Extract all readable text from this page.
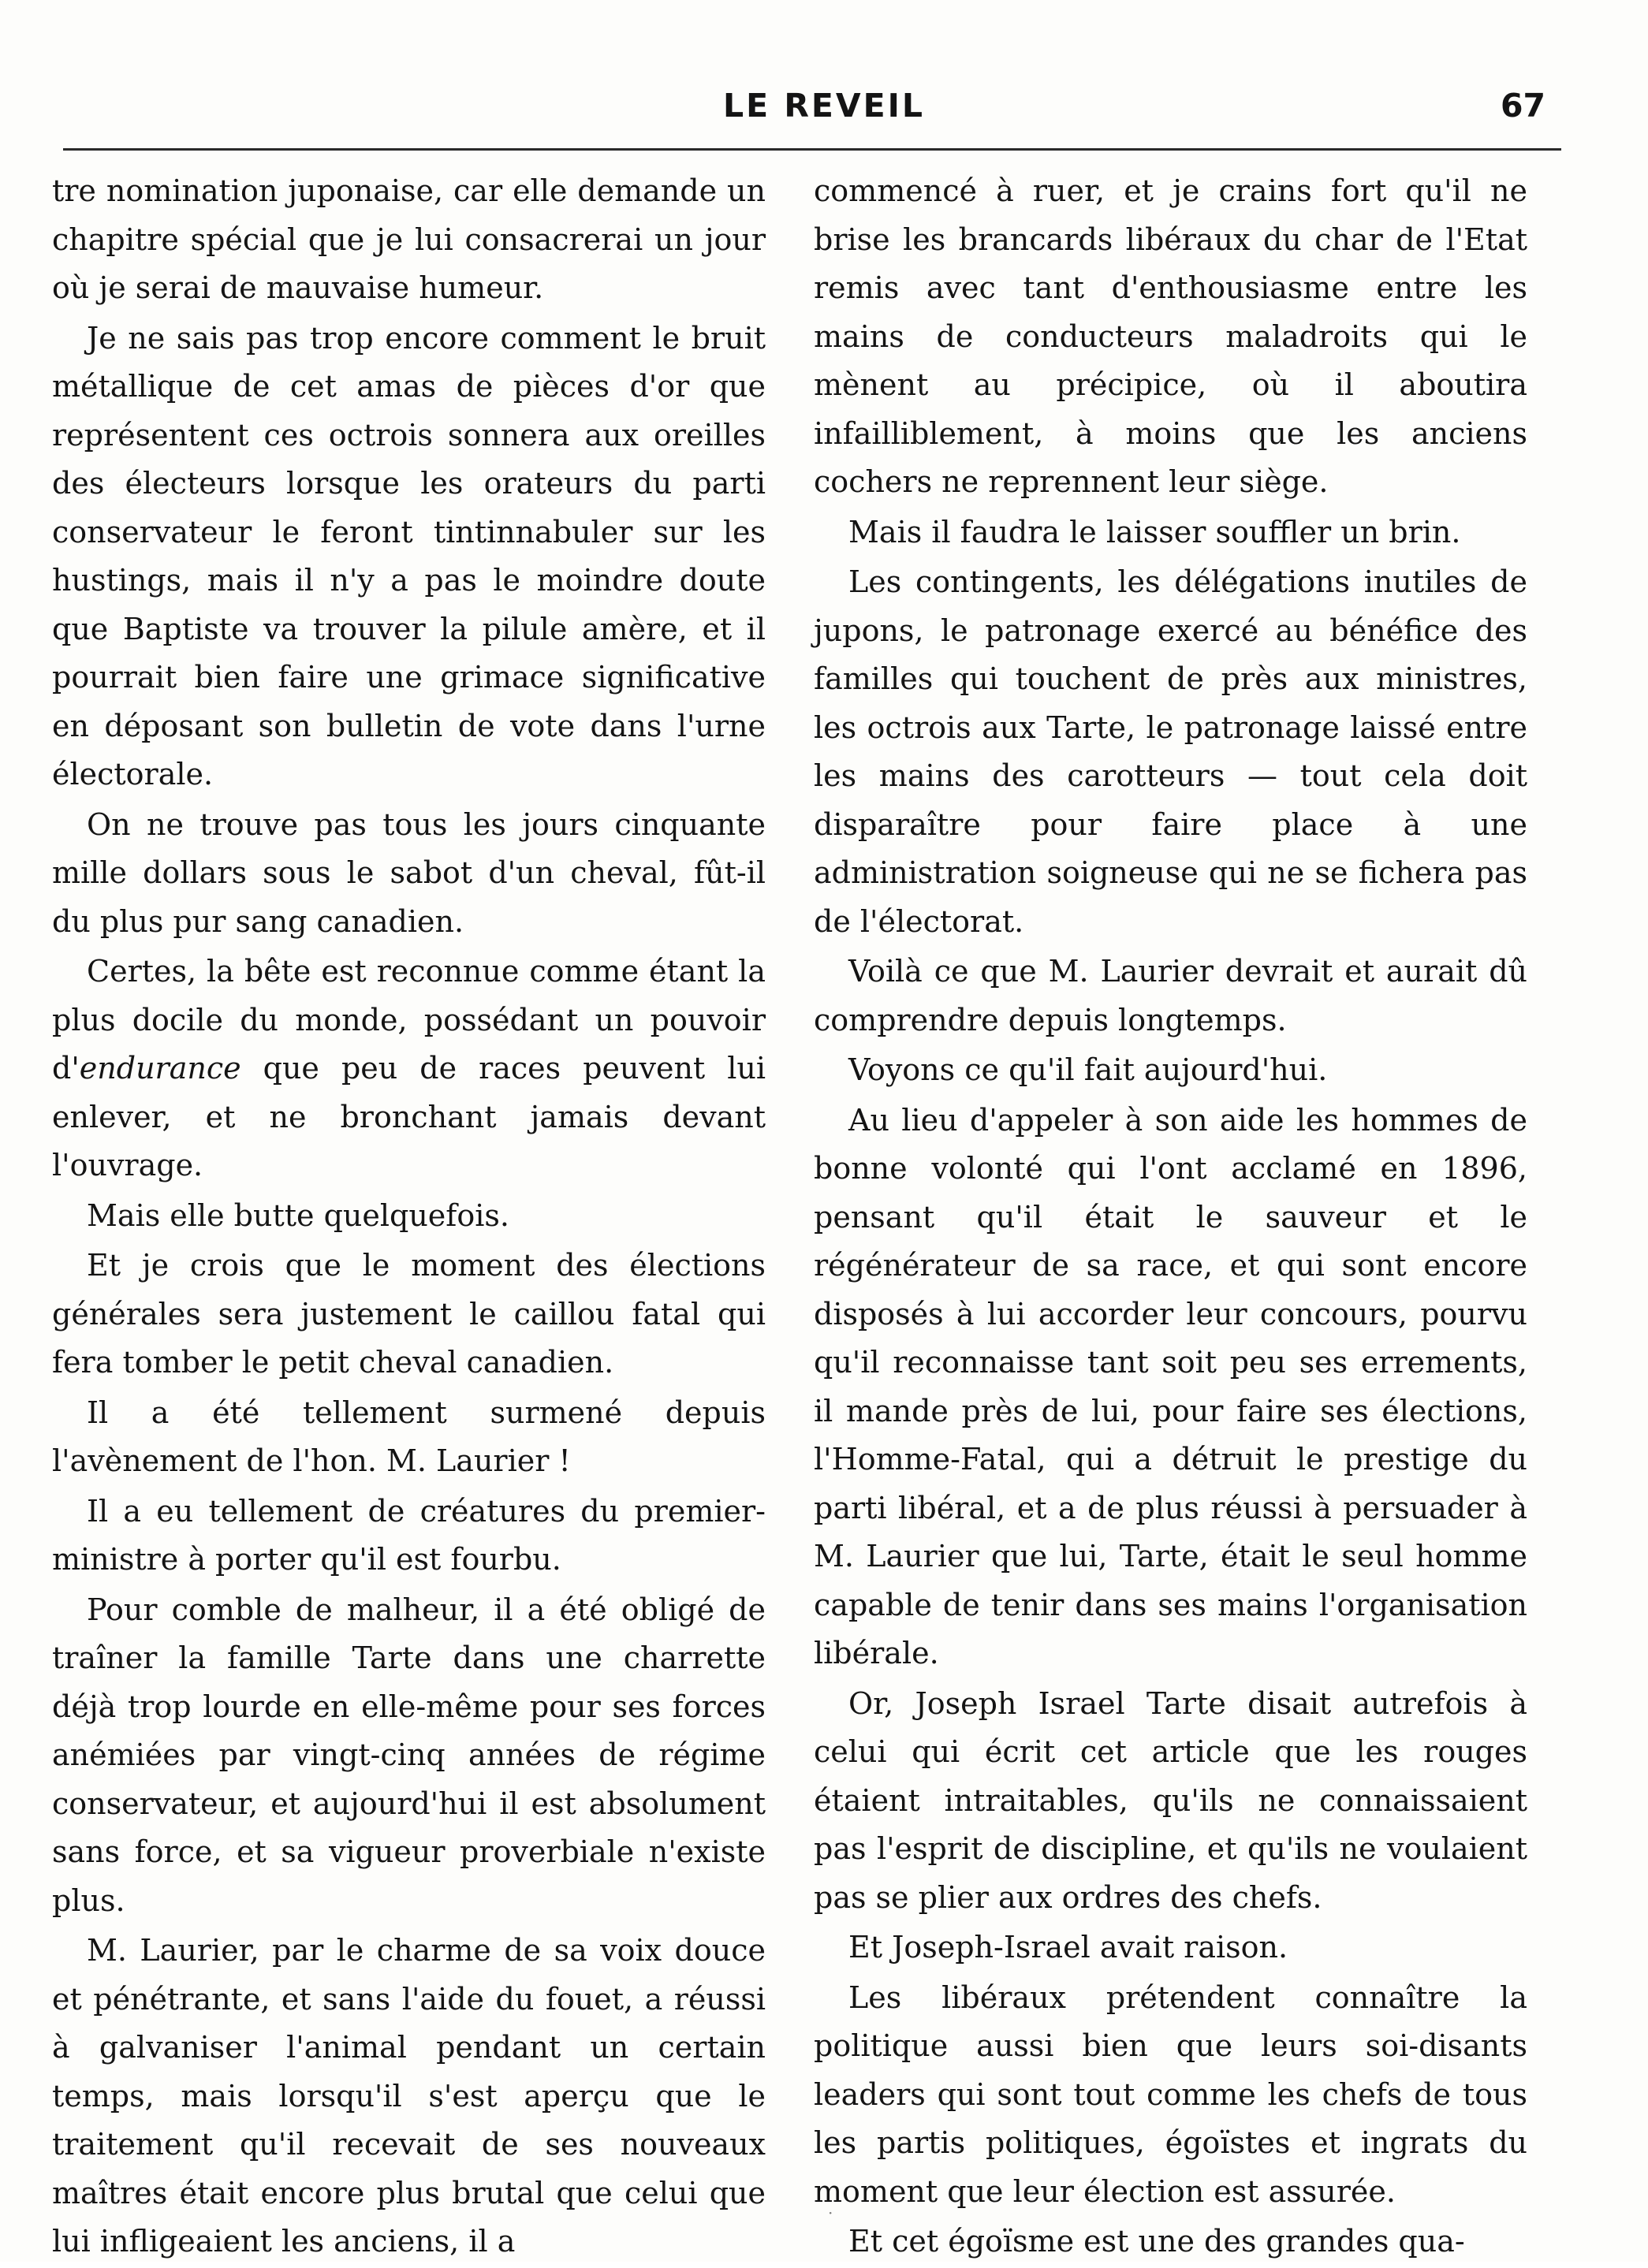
LE REVEIL	67

tre nomination juponaise, car elle demande un chapitre spécial que je lui consacrerai un jour où je serai de mauvaise humeur.

Je ne sais pas trop encore comment le bruit métallique de cet amas de pièces d'or que représentent ces octrois sonnera aux oreilles des électeurs lorsque les orateurs du parti conservateur le feront tintinnabuler sur les hustings, mais il n'y a pas le moindre doute que Baptiste va trouver la pilule amère, et il pourrait bien faire une grimace significative en déposant son bulletin de vote dans l'urne électorale.

On ne trouve pas tous les jours cinquante mille dollars sous le sabot d'un cheval, fût-il du plus pur sang canadien.

Certes, la bête est reconnue comme étant la plus docile du monde, possédant un pouvoir d'endurance que peu de races peuvent lui enlever, et ne bronchant jamais devant l'ouvrage.

Mais elle butte quelquefois.

Et je crois que le moment des élections générales sera justement le caillou fatal qui fera tomber le petit cheval canadien.

Il a été tellement surmené depuis l'avènement de l'hon. M. Laurier !

Il a eu tellement de créatures du premier-ministre à porter qu'il est fourbu.

Pour comble de malheur, il a été obligé de traîner la famille Tarte dans une charrette déjà trop lourde en elle-même pour ses forces anémiées par vingt-cinq années de régime conservateur, et aujourd'hui il est absolument sans force, et sa vigueur proverbiale n'existe plus.

M. Laurier, par le charme de sa voix douce et pénétrante, et sans l'aide du fouet, a réussi à galvaniser l'animal pendant un certain temps, mais lorsqu'il s'est aperçu que le traitement qu'il recevait de ses nouveaux maîtres était encore plus brutal que celui que lui infligeaient les anciens, il a

commencé à ruer, et je crains fort qu'il ne brise les brancards libéraux du char de l'Etat remis avec tant d'enthousiasme entre les mains de conducteurs maladroits qui le mènent au précipice, où il aboutira infailliblement, à moins que les anciens cochers ne reprennent leur siège.

Mais il faudra le laisser souffler un brin.

Les contingents, les délégations inutiles de jupons, le patronage exercé au bénéfice des familles qui touchent de près aux ministres, les octrois aux Tarte, le patronage laissé entre les mains des carotteurs — tout cela doit disparaître pour faire place à une administration soigneuse qui ne se fichera pas de l'électorat.

Voilà ce que M. Laurier devrait et aurait dû comprendre depuis longtemps.

Voyons ce qu'il fait aujourd'hui.

Au lieu d'appeler à son aide les hommes de bonne volonté qui l'ont acclamé en 1896, pensant qu'il était le sauveur et le régénérateur de sa race, et qui sont encore disposés à lui accorder leur concours, pourvu qu'il reconnaisse tant soit peu ses errements, il mande près de lui, pour faire ses élections, l'Homme-Fatal, qui a détruit le prestige du parti libéral, et a de plus réussi à persuader à M. Laurier que lui, Tarte, était le seul homme capable de tenir dans ses mains l'organisation libérale.

Or, Joseph Israel Tarte disait autrefois à celui qui écrit cet article que les rouges étaient intraitables, qu'ils ne connaissaient pas l'esprit de discipline, et qu'ils ne voulaient pas se plier aux ordres des chefs.

Et Joseph-Israel avait raison.

Les libéraux prétendent connaître la politique aussi bien que leurs soi-disants leaders qui sont tout comme les chefs de tous les partis politiques, égoïstes et ingrats du moment que leur élection est assurée.

Et cet égoïsme est une des grandes qua-

·
